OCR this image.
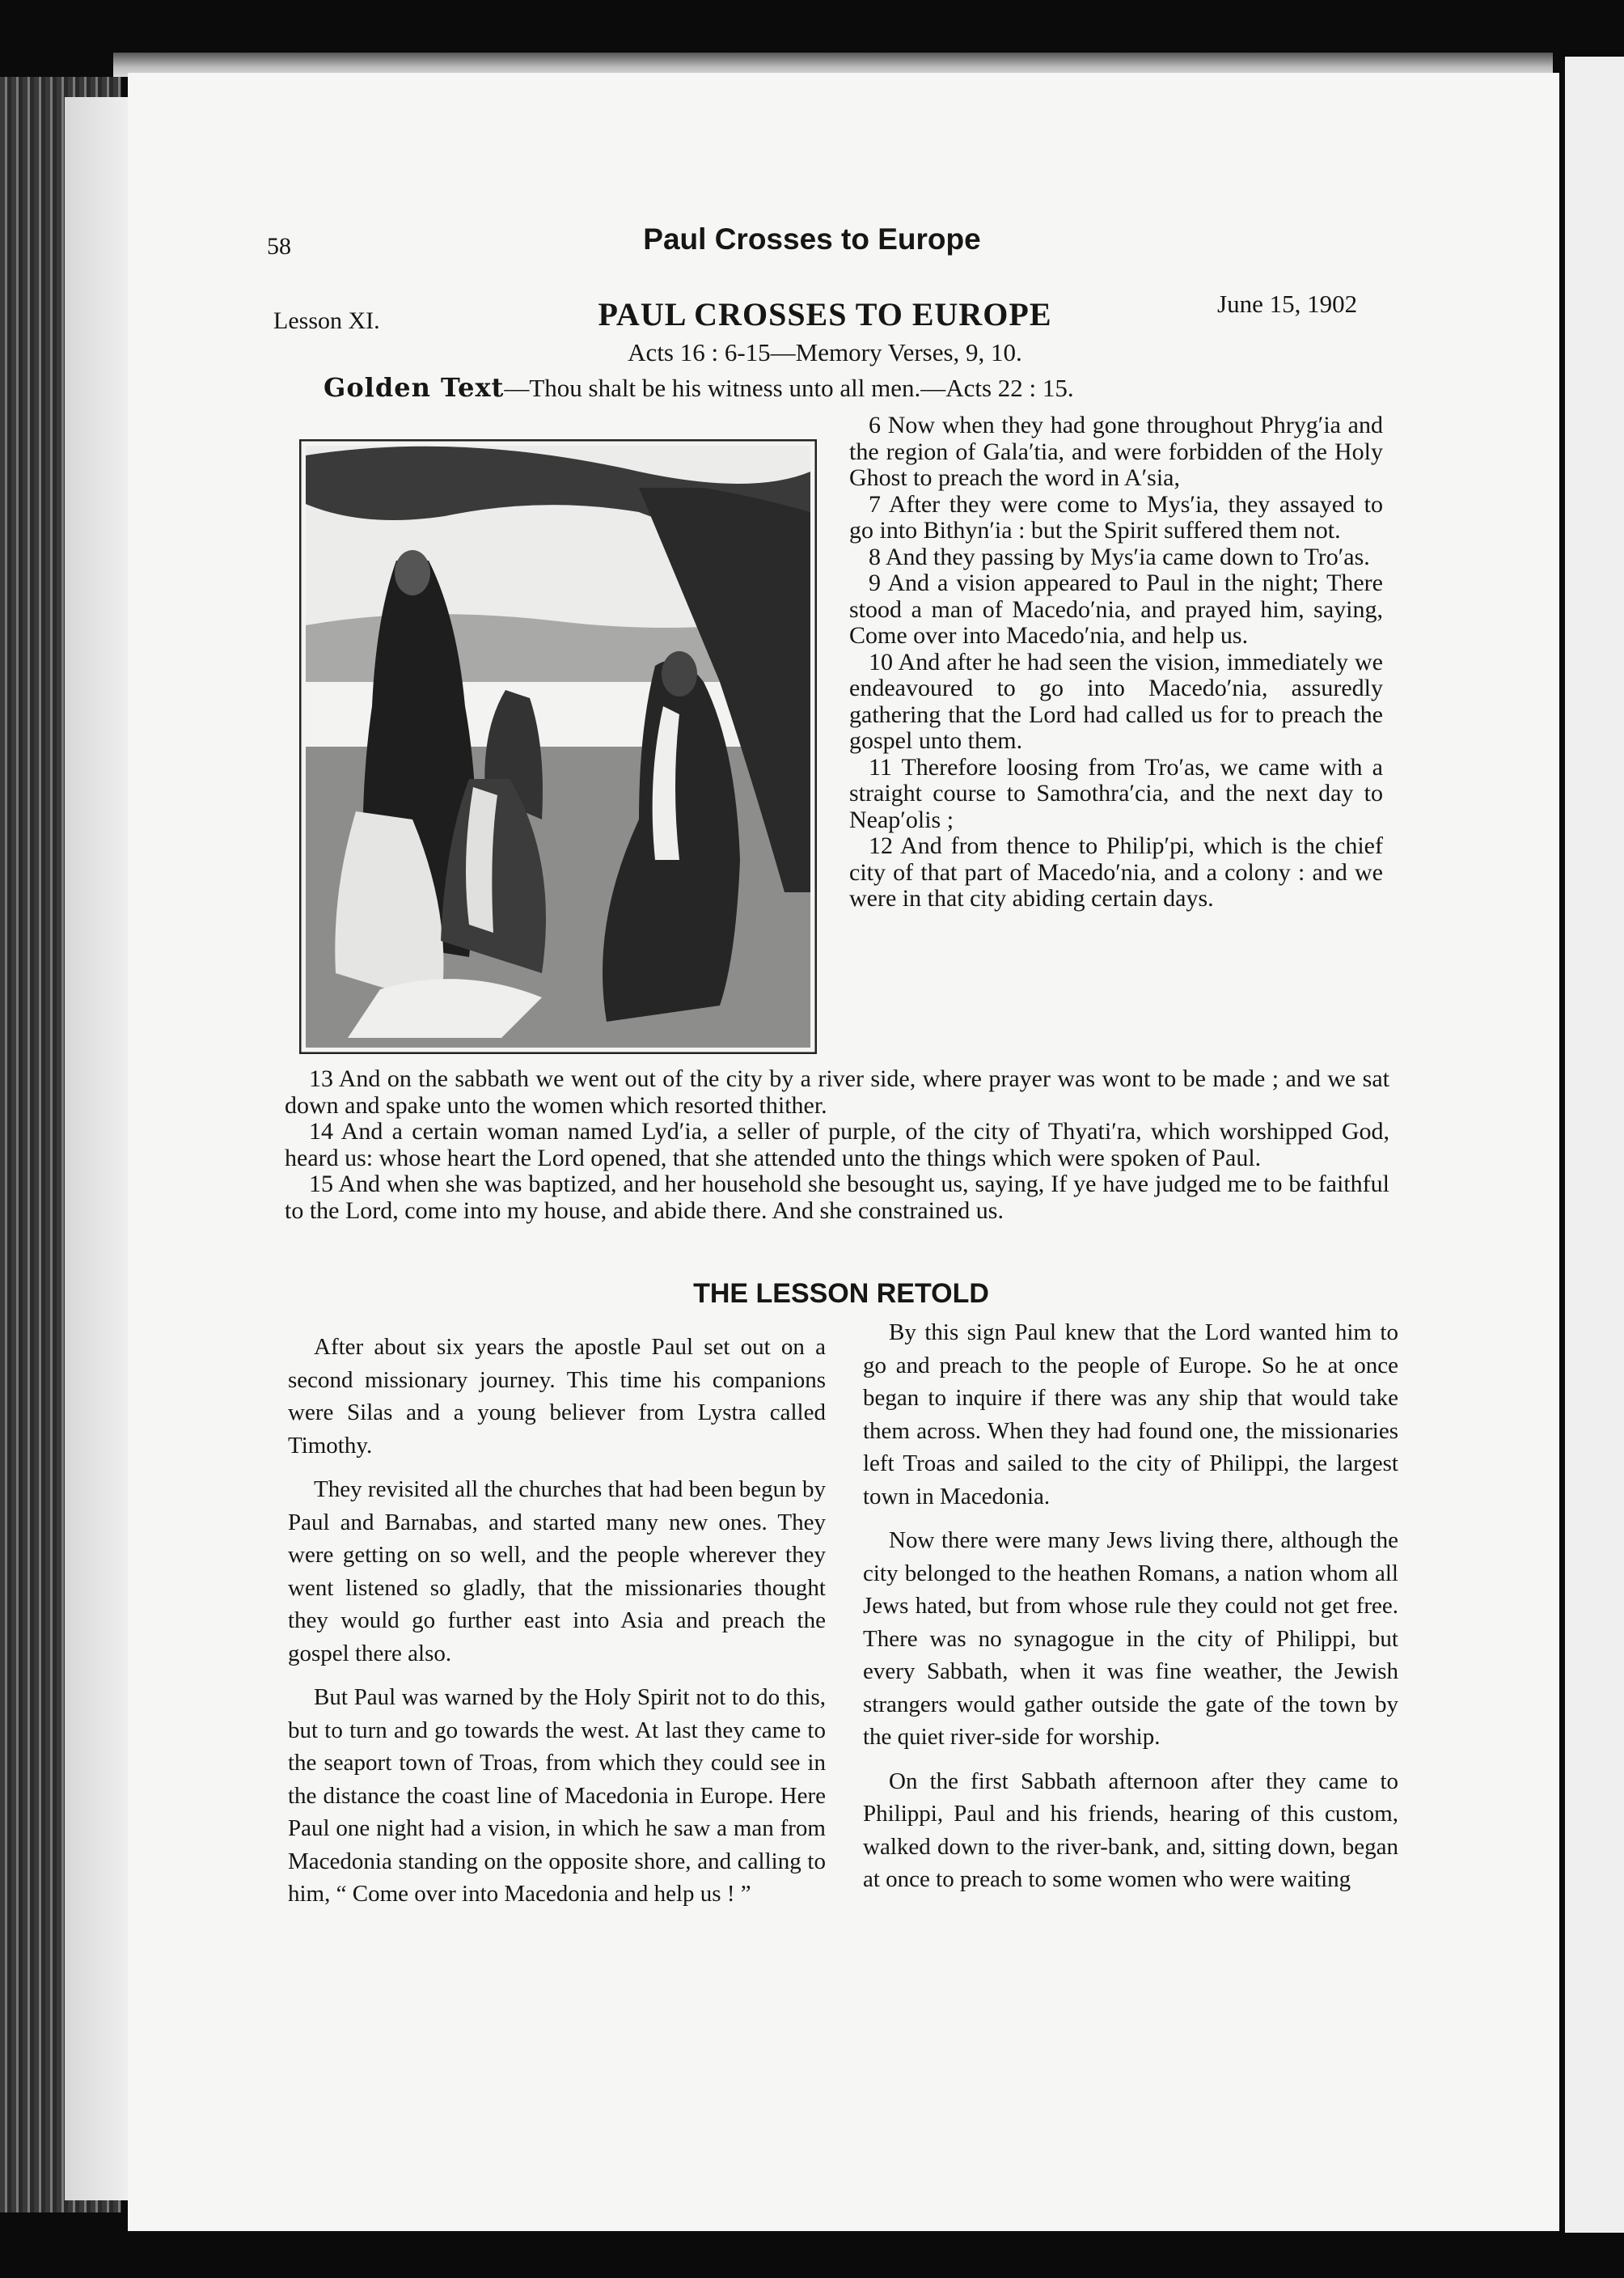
58	Paul Crosses to Europe
Lesson XI.	PAUL CROSSES TO EUROPE	June 15, 1902
Acts 16 : 6-15—Memory Verses, 9, 10.
Golden Text—Thou shalt be his witness unto all men.—Acts 22 : 15.

6 Now when they had gone throughout Phryg′ia and the region of Gala′tia, and were forbidden of the Holy Ghost to preach the word in A′sia,

7 After they were come to Mys′ia, they assayed to go into Bithyn′ia : but the Spirit suffered them not.

8 And they passing by Mys′ia came down to Tro′as.

9 And a vision appeared to Paul in the night; There stood a man of Macedo′nia, and prayed him, saying, Come over into Macedo′nia, and help us.

10 And after he had seen the vision, immediately we endeavoured to go into Macedo′nia, assuredly gathering that the Lord had called us for to preach the gospel unto them.

11 Therefore loosing from Tro′as, we came with a straight course to Samothra′cia, and the next day to Neap′olis ;

12 And from thence to Philip′pi, which is the chief city of that part of Macedo′nia, and a colony : and we were in that city abiding certain days.

13 And on the sabbath we went out of the city by a river side, where prayer was wont to be made ; and we sat down and spake unto the women which resorted thither.

14 And a certain woman named Lyd′ia, a seller of purple, of the city of Thyati′ra, which worshipped God, heard us: whose heart the Lord opened, that she attended unto the things which were spoken of Paul.

15 And when she was baptized, and her household she besought us, saying, If ye have judged me to be faithful to the Lord, come into my house, and abide there. And she constrained us.

THE LESSON RETOLD

After about six years the apostle Paul set out on a second missionary journey. This time his companions were Silas and a young believer from Lystra called Timothy.

They revisited all the churches that had been begun by Paul and Barnabas, and started many new ones. They were getting on so well, and the people wherever they went listened so gladly, that the missionaries thought they would go further east into Asia and preach the gospel there also.

But Paul was warned by the Holy Spirit not to do this, but to turn and go towards the west. At last they came to the seaport town of Troas, from which they could see in the distance the coast line of Macedonia in Europe. Here Paul one night had a vision, in which he saw a man from Macedonia standing on the opposite shore, and calling to him, “ Come over into Macedonia and help us ! ”

By this sign Paul knew that the Lord wanted him to go and preach to the people of Europe. So he at once began to inquire if there was any ship that would take them across. When they had found one, the missionaries left Troas and sailed to the city of Philippi, the largest town in Macedonia.

Now there were many Jews living there, although the city belonged to the heathen Romans, a nation whom all Jews hated, but from whose rule they could not get free. There was no synagogue in the city of Philippi, but every Sabbath, when it was fine weather, the Jewish strangers would gather outside the gate of the town by the quiet river-side for worship.

On the first Sabbath afternoon after they came to Philippi, Paul and his friends, hearing of this custom, walked down to the river-bank, and, sitting down, began at once to preach to some women who were waiting
